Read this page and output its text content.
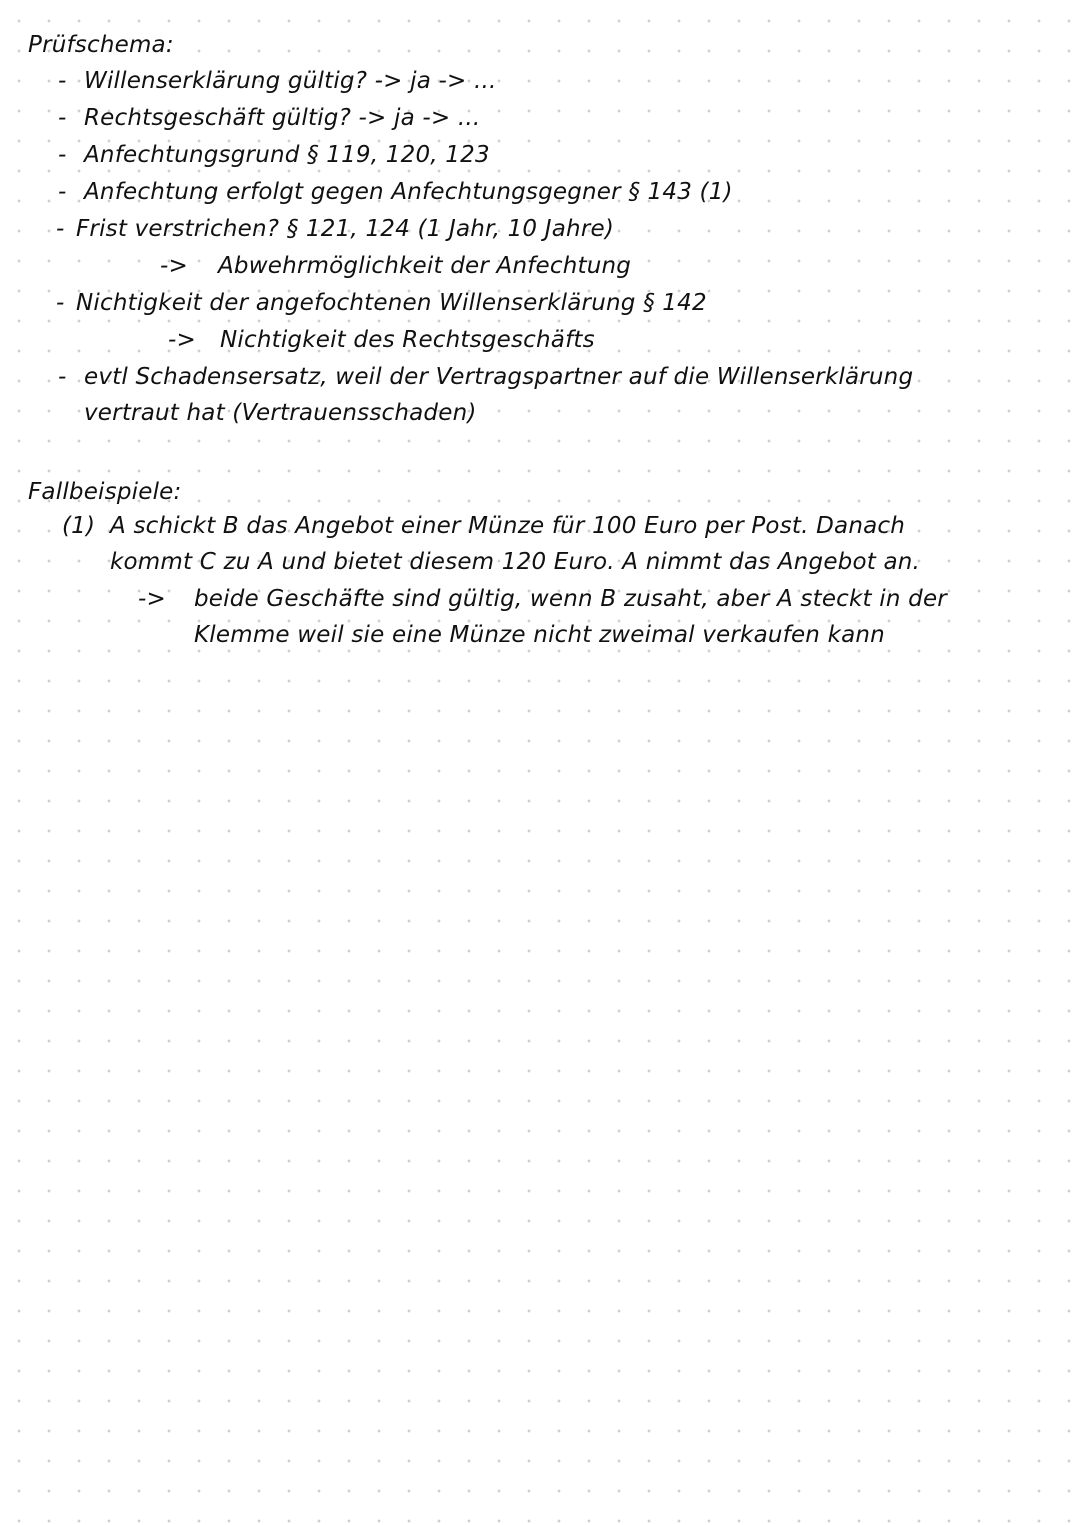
Prüfschema:
- Willenserklärung gültig? -> ja -> ...
- Rechtsgeschäft gültig? -> ja -> ...
- Anfechtungsgrund § 119, 120, 123
- Anfechtung erfolgt gegen Anfechtungsgegner § 143 (1)
- Frist verstrichen? § 121, 124 (1 Jahr, 10 Jahre)
-> Abwehrmöglichkeit der Anfechtung
- Nichtigkeit der angefochtenen Willenserklärung § 142
-> Nichtigkeit des Rechtsgeschäfts
- evtl Schadensersatz, weil der Vertragspartner auf die Willenserklärung
vertraut hat (Vertrauensschaden)
Fallbeispiele:
(1) A schickt B das Angebot einer Münze für 100 Euro per Post. Danach
kommt C zu A und bietet diesem 120 Euro. A nimmt das Angebot an.
-> beide Geschäfte sind gültig, wenn B zusaht, aber A steckt in der
Klemme weil sie eine Münze nicht zweimal verkaufen kann
